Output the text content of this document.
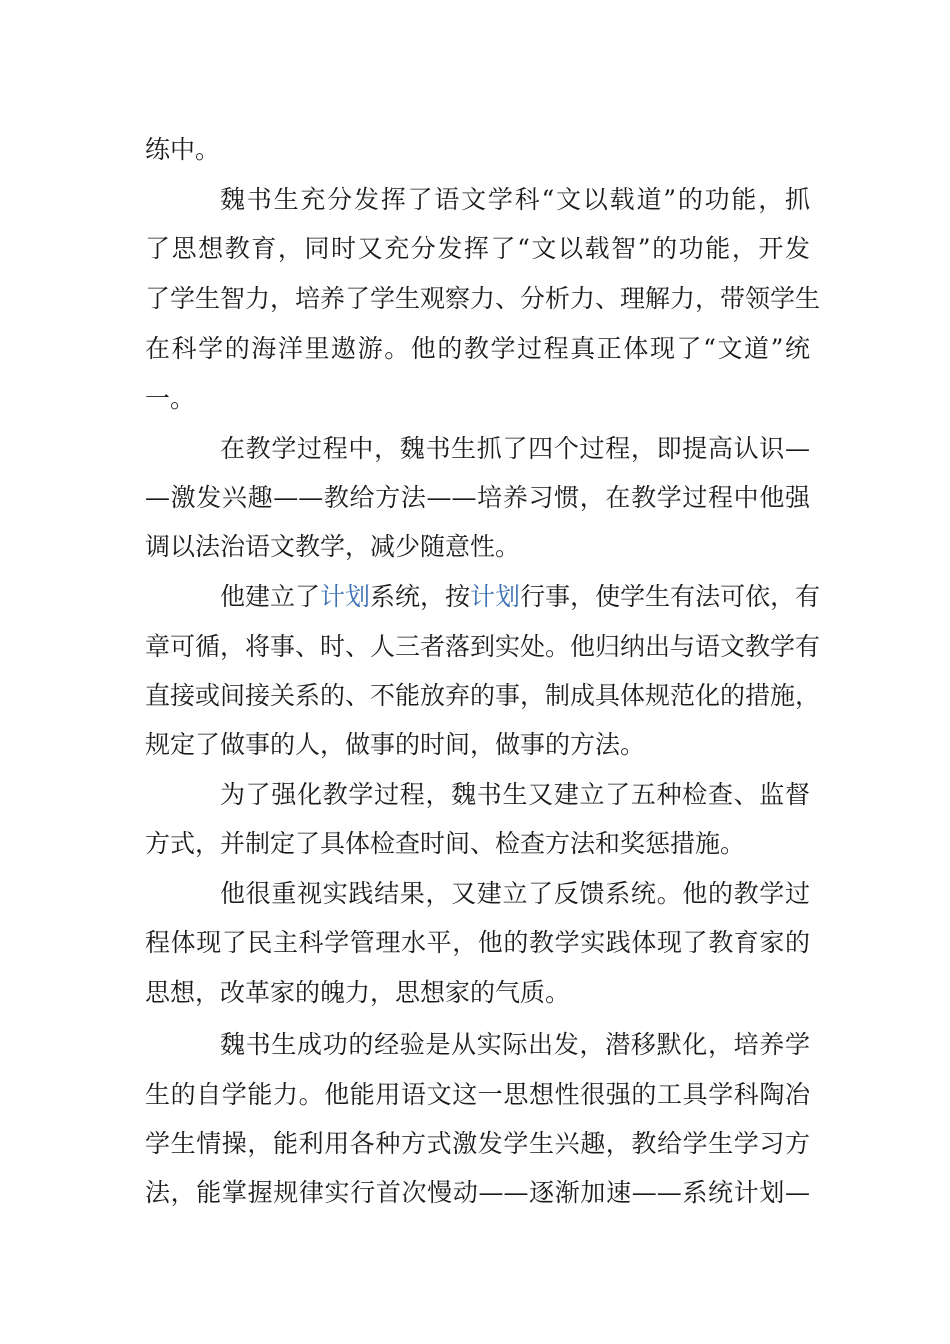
练中。
魏书生充分发挥了语文学科“文以载道”的功能，抓
了思想教育，同时又充分发挥了“文以载智”的功能，开发
了学生智力，培养了学生观察力、分析力、理解力，带领学生
在科学的海洋里遨游。他的教学过程真正体现了“文道”统
一。
在教学过程中，魏书生抓了四个过程，即提高认识—
—激发兴趣——教给方法——培养习惯，在教学过程中他强
调以法治语文教学，减少随意性。
他建立了计划系统，按计划行事，使学生有法可依，有
章可循，将事、时、人三者落到实处。他归纳出与语文教学有
直接或间接关系的、不能放弃的事，制成具体规范化的措施，
规定了做事的人，做事的时间，做事的方法。
为了强化教学过程，魏书生又建立了五种检查、监督
方式，并制定了具体检查时间、检查方法和奖惩措施。
他很重视实践结果，又建立了反馈系统。他的教学过
程体现了民主科学管理水平，他的教学实践体现了教育家的
思想，改革家的魄力，思想家的气质。
魏书生成功的经验是从实际出发，潜移默化，培养学
生的自学能力。他能用语文这一思想性很强的工具学科陶冶
学生情操，能利用各种方式激发学生兴趣，教给学生学习方
法，能掌握规律实行首次慢动——逐渐加速——系统计划—
